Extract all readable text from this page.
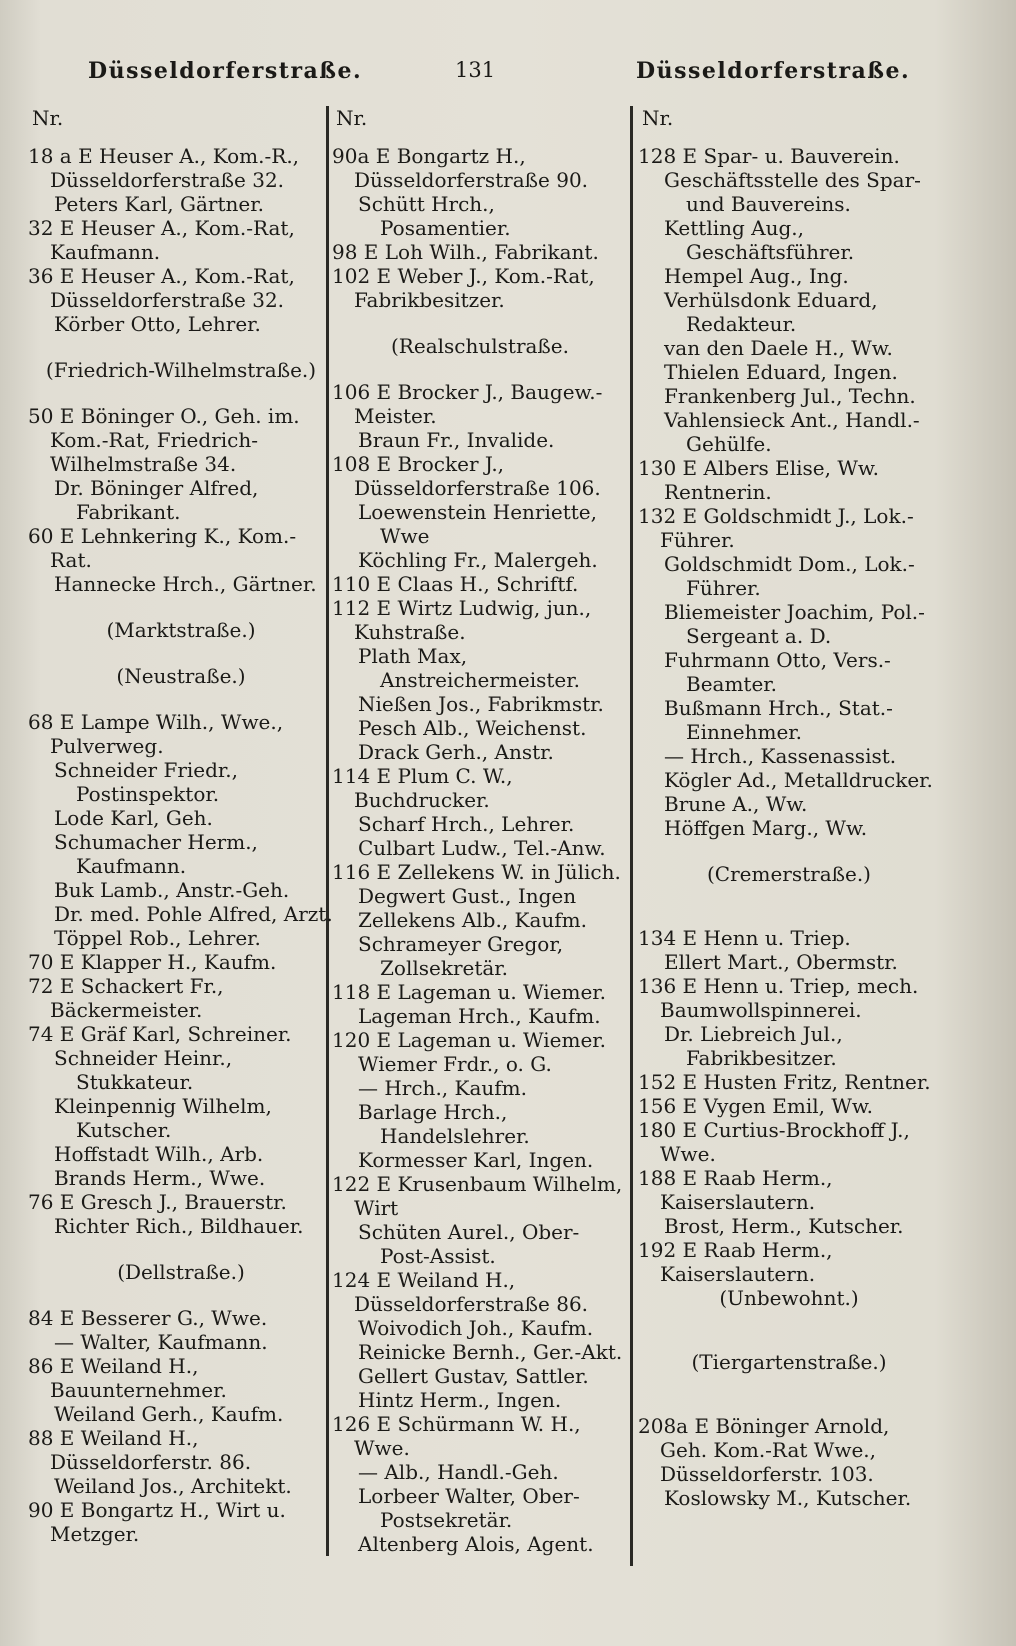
Düsseldorferstraße.	131	Düsseldorferstraße.
Nr.
18 a E Heuser A., Kom.-R., Düsseldorferstraße 32.
Peters Karl, Gärtner.
32 E Heuser A., Kom.-Rat, Kaufmann.
36 E Heuser A., Kom.-Rat, Düsseldorferstraße 32.
Körber Otto, Lehrer.
(Friedrich-Wilhelmstraße.)
50 E Böninger O., Geh. im. Kom.-Rat, Friedrich-Wilhelmstraße 34.
Dr. Böninger Alfred, Fabrikant.
60 E Lehnkering K., Kom.-Rat.
Hannecke Hrch., Gärtner.
(Marktstraße.)
(Neustraße.)
68 E Lampe Wilh., Wwe., Pulverweg.
Schneider Friedr., Postinspektor.
Lode Karl, Geh.
Schumacher Herm., Kaufmann.
Buk Lamb., Anstr.-Geh.
Dr. med. Pohle Alfred, Arzt.
Töppel Rob., Lehrer.
70 E Klapper H., Kaufm.
72 E Schackert Fr., Bäckermeister.
74 E Gräf Karl, Schreiner.
Schneider Heinr., Stukkateur.
Kleinpennig Wilhelm, Kutscher.
Hoffstadt Wilh., Arb.
Brands Herm., Wwe.
76 E Gresch J., Brauerstr.
Richter Rich., Bildhauer.
(Dellstraße.)
84 E Besserer G., Wwe.
— Walter, Kaufmann.
86 E Weiland H., Bauunternehmer.
Weiland Gerh., Kaufm.
88 E Weiland H., Düsseldorferstr. 86.
Weiland Jos., Architekt.
90 E Bongartz H., Wirt u. Metzger.
Nr.
90a E Bongartz H., Düsseldorferstraße 90.
Schütt Hrch., Posamentier.
98 E Loh Wilh., Fabrikant.
102 E Weber J., Kom.-Rat, Fabrikbesitzer.
(Realschulstraße.
106 E Brocker J., Baugew.-Meister.
Braun Fr., Invalide.
108 E Brocker J., Düsseldorferstraße 106.
Loewenstein Henriette, Wwe
Köchling Fr., Malergeh.
110 E Claas H., Schriftf.
112 E Wirtz Ludwig, jun., Kuhstraße.
Plath Max, Anstreichermeister.
Nießen Jos., Fabrikmstr.
Pesch Alb., Weichenst.
Drack Gerh., Anstr.
114 E Plum C. W., Buchdrucker.
Scharf Hrch., Lehrer.
Culbart Ludw., Tel.-Anw.
116 E Zellekens W. in Jülich.
Degwert Gust., Ingen
Zellekens Alb., Kaufm.
Schrameyer Gregor, Zollsekretär.
118 E Lageman u. Wiemer.
Lageman Hrch., Kaufm.
120 E Lageman u. Wiemer.
Wiemer Frdr., o. G.
— Hrch., Kaufm.
Barlage Hrch., Handelslehrer.
Kormesser Karl, Ingen.
122 E Krusenbaum Wilhelm, Wirt
Schüten Aurel., Ober-Post-Assist.
124 E Weiland H., Düsseldorferstraße 86.
Woivodich Joh., Kaufm.
Reinicke Bernh., Ger.-Akt.
Gellert Gustav, Sattler.
Hintz Herm., Ingen.
126 E Schürmann W. H., Wwe.
— Alb., Handl.-Geh.
Lorbeer Walter, Ober-Postsekretär.
Altenberg Alois, Agent.
Nr.
128 E Spar- u. Bauverein.
Geschäftsstelle des Spar- und Bauvereins.
Kettling Aug., Geschäftsführer.
Hempel Aug., Ing.
Verhülsdonk Eduard, Redakteur.
van den Daele H., Ww.
Thielen Eduard, Ingen.
Frankenberg Jul., Techn.
Vahlensieck Ant., Handl.-Gehülfe.
130 E Albers Elise, Ww.
Rentnerin.
132 E Goldschmidt J., Lok.-Führer.
Goldschmidt Dom., Lok.-Führer.
Bliemeister Joachim, Pol.-Sergeant a. D.
Fuhrmann Otto, Vers.-Beamter.
Bußmann Hrch., Stat.-Einnehmer.
— Hrch., Kassenassist.
Kögler Ad., Metalldrucker.
Brune A., Ww.
Höffgen Marg., Ww.
(Cremerstraße.)
134 E Henn u. Triep.
Ellert Mart., Obermstr.
136 E Henn u. Triep, mech. Baumwollspinnerei.
Dr. Liebreich Jul., Fabrikbesitzer.
152 E Husten Fritz, Rentner.
156 E Vygen Emil, Ww.
180 E Curtius-Brockhoff J., Wwe.
188 E Raab Herm., Kaiserslautern.
Brost, Herm., Kutscher.
192 E Raab Herm., Kaiserslautern.
(Unbewohnt.)
(Tiergartenstraße.)
208a E Böninger Arnold, Geh. Kom.-Rat Wwe., Düsseldorferstr. 103.
Koslowsky M., Kutscher.
